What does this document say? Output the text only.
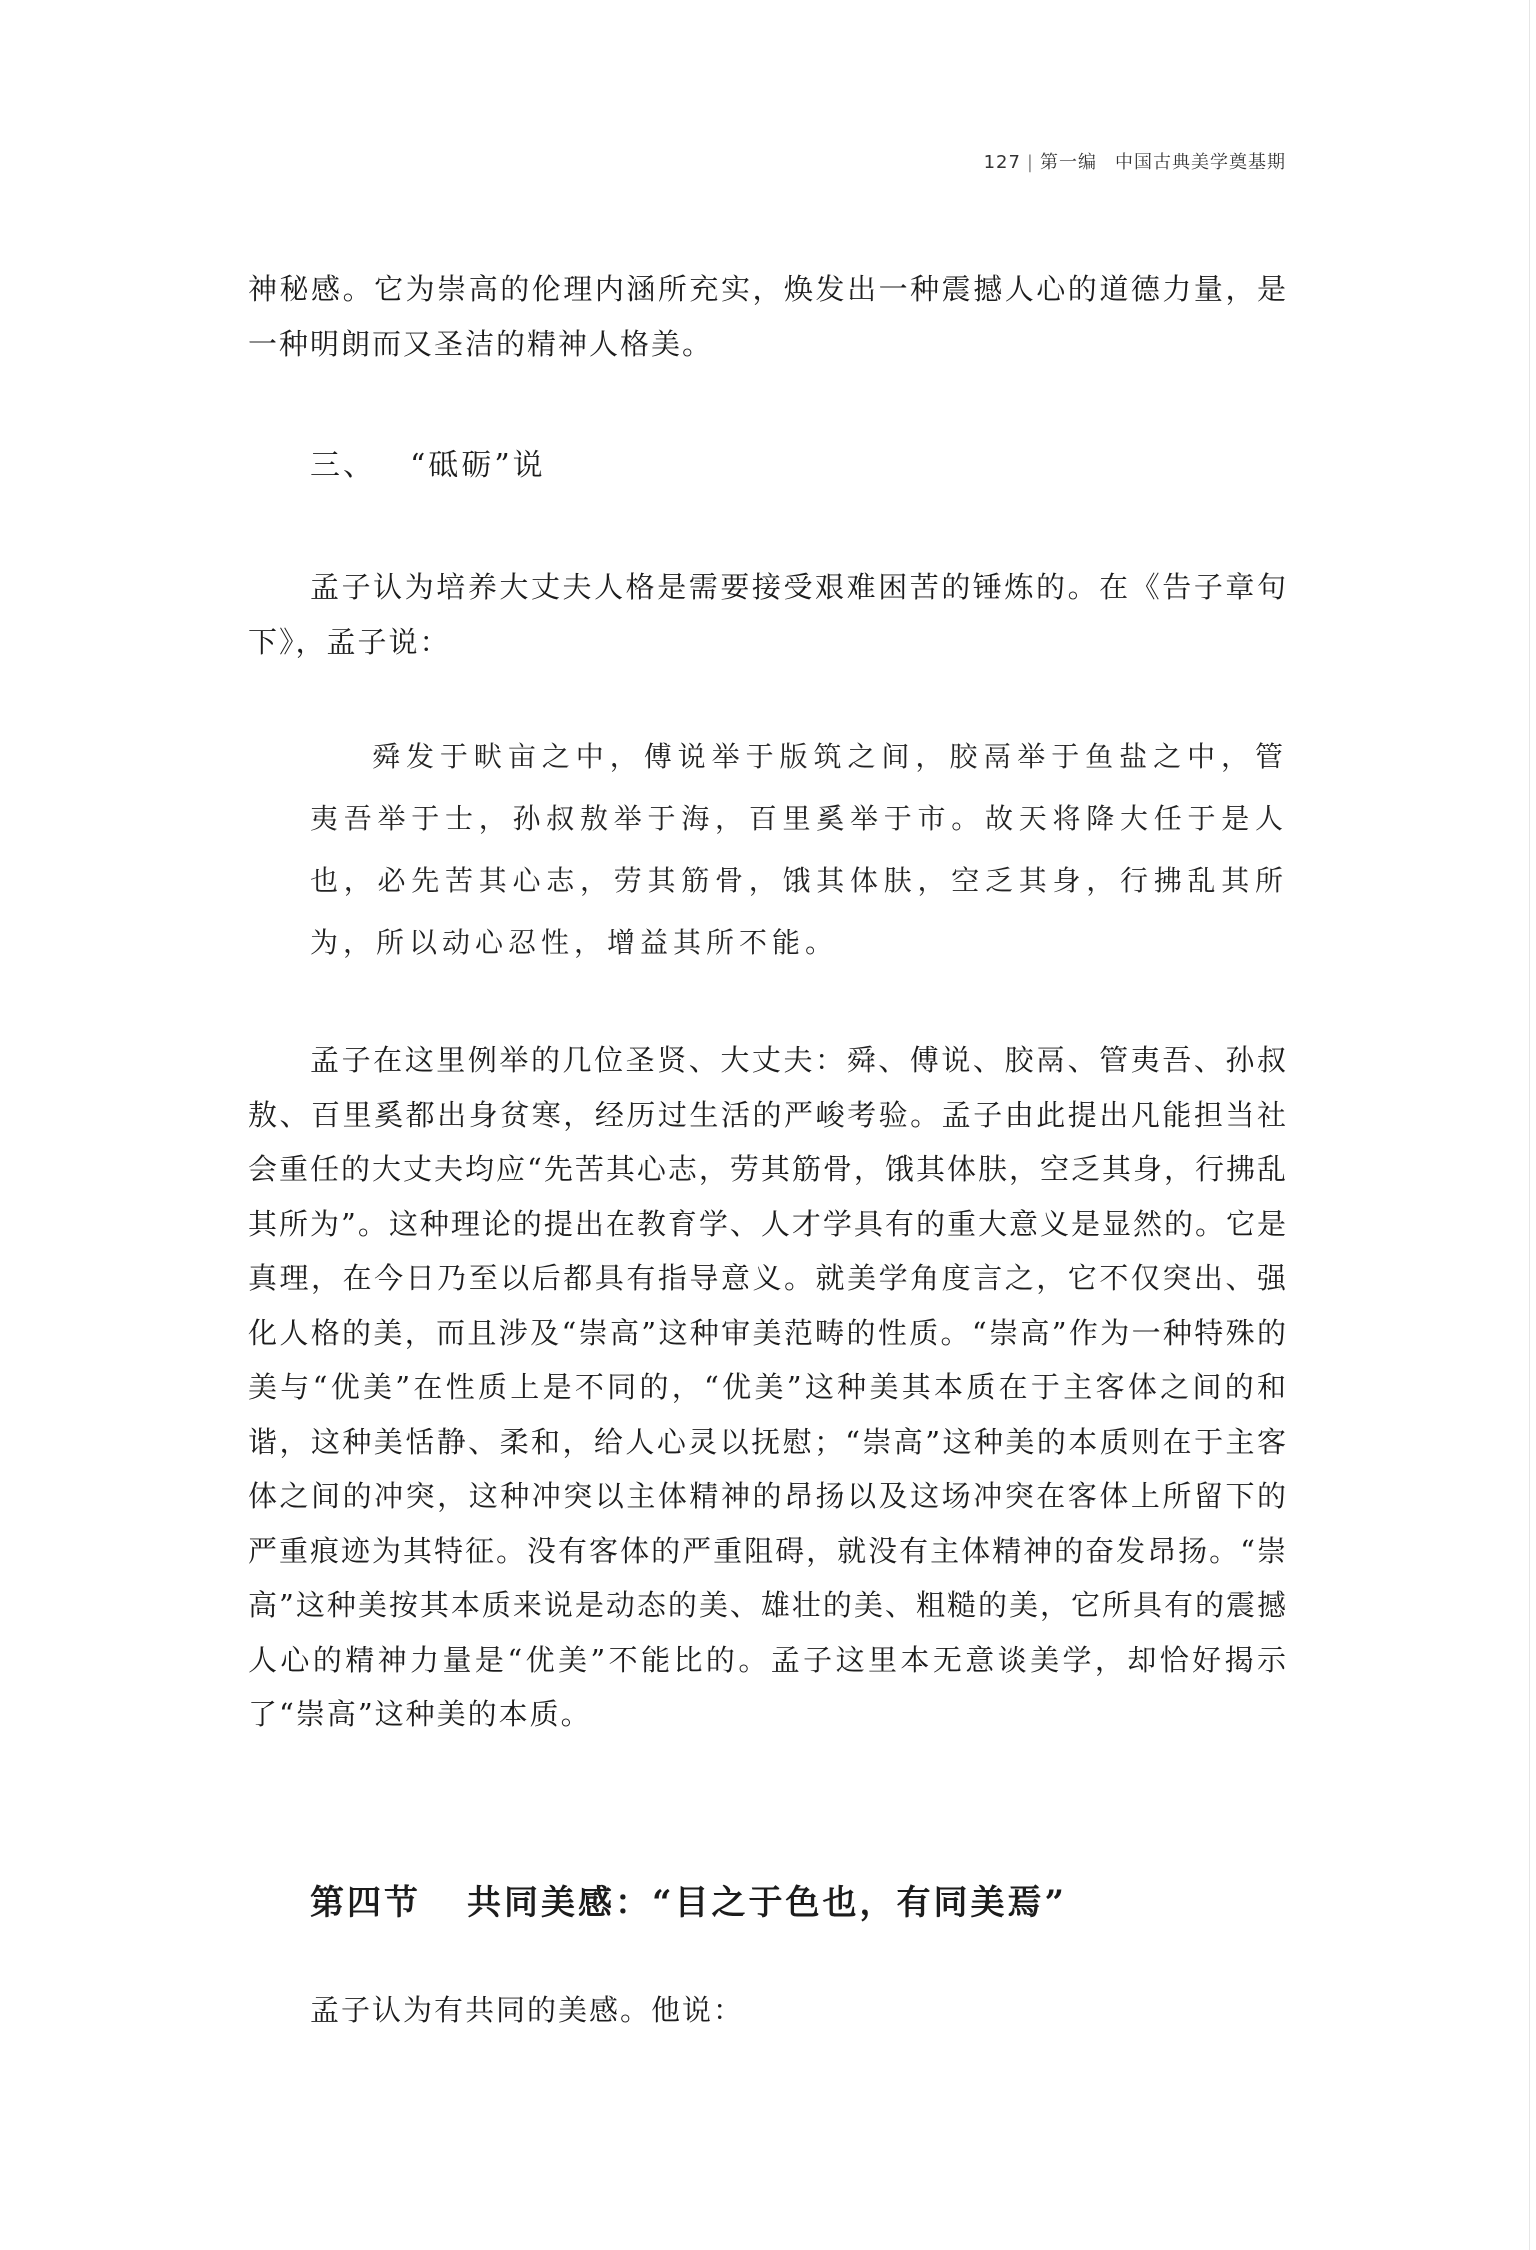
127 | 第一编 中国古典美学奠基期
神秘感。它为崇高的伦理内涵所充实，焕发出一种震撼人心的道德力量，是一种明朗而又圣洁的精神人格美。
三、 “砥砺”说
孟子认为培养大丈夫人格是需要接受艰难困苦的锤炼的。在《告子章句下》，孟子说：
舜发于畎亩之中，傅说举于版筑之间，胶鬲举于鱼盐之中，管夷吾举于士，孙叔敖举于海，百里奚举于市。故天将降大任于是人也，必先苦其心志，劳其筋骨，饿其体肤，空乏其身，行拂乱其所为，所以动心忍性，增益其所不能。
孟子在这里例举的几位圣贤、大丈夫：舜、傅说、胶鬲、管夷吾、孙叔敖、百里奚都出身贫寒，经历过生活的严峻考验。孟子由此提出凡能担当社会重任的大丈夫均应“先苦其心志，劳其筋骨，饿其体肤，空乏其身，行拂乱其所为”。这种理论的提出在教育学、人才学具有的重大意义是显然的。它是真理，在今日乃至以后都具有指导意义。就美学角度言之，它不仅突出、强化人格的美，而且涉及“崇高”这种审美范畴的性质。“崇高”作为一种特殊的美与“优美”在性质上是不同的，“优美”这种美其本质在于主客体之间的和谐，这种美恬静、柔和，给人心灵以抚慰；“崇高”这种美的本质则在于主客体之间的冲突，这种冲突以主体精神的昂扬以及这场冲突在客体上所留下的严重痕迹为其特征。没有客体的严重阻碍，就没有主体精神的奋发昂扬。“崇高”这种美按其本质来说是动态的美、雄壮的美、粗糙的美，它所具有的震撼人心的精神力量是“优美”不能比的。孟子这里本无意谈美学，却恰好揭示了“崇高”这种美的本质。
第四节 共同美感：“目之于色也，有同美焉”
孟子认为有共同的美感。他说：
